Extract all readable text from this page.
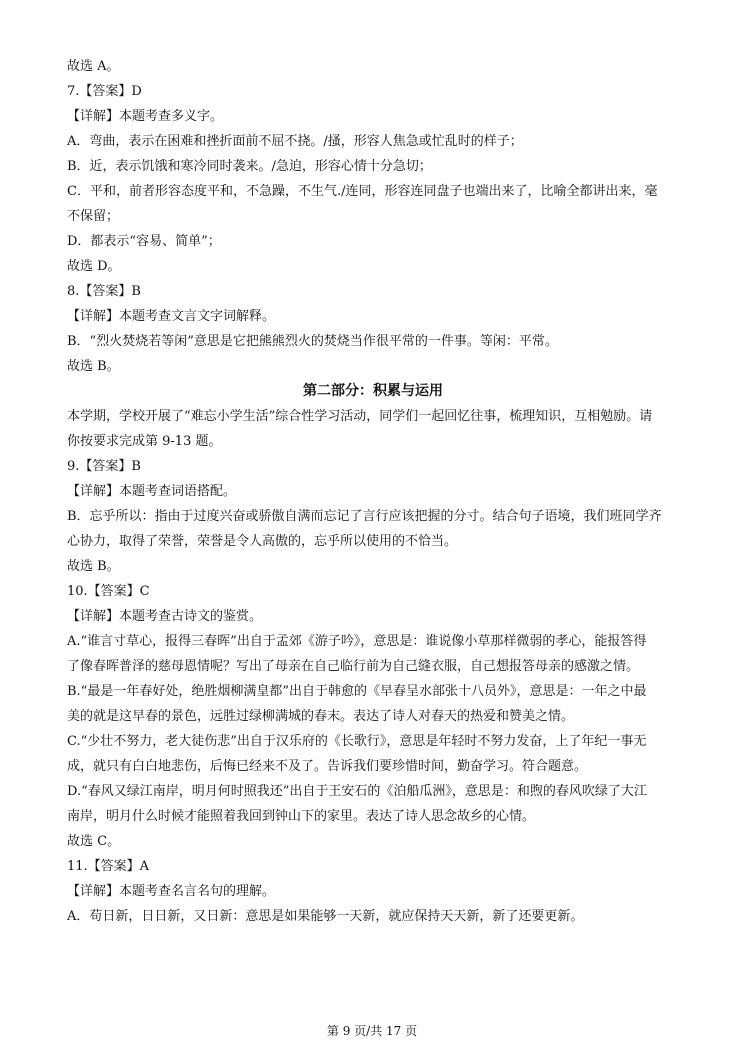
故选 A。
7.【答案】D
【详解】本题考查多义字。
A．弯曲，表示在困难和挫折面前不屈不挠。/搔，形容人焦急或忙乱时的样子；
B．近，表示饥饿和寒冷同时袭来。/急迫，形容心情十分急切；
C．平和，前者形容态度平和，不急躁，不生气./连同，形容连同盘子也端出来了，比喻全都讲出来，毫
不保留；
D．都表示“容易、简单”；
故选 D。
8.【答案】B
【详解】本题考查文言文字词解释。
B．“烈火焚烧若等闲”意思是它把熊熊烈火的焚烧当作很平常的一件事。等闲：平常。
故选 B。
第二部分：积累与运用
本学期，学校开展了“难忘小学生活”综合性学习活动，同学们一起回忆往事，梳理知识，互相勉励。请
你按要求完成第 9-13 题。
9.【答案】B
【详解】本题考查词语搭配。
B．忘乎所以：指由于过度兴奋或骄傲自满而忘记了言行应该把握的分寸。结合句子语境，我们班同学齐
心协力，取得了荣誉，荣誉是令人高傲的，忘乎所以使用的不恰当。
故选 B。
10.【答案】C
【详解】本题考查古诗文的鉴赏。
A.“谁言寸草心，报得三春晖”出自于孟郊《游子吟》，意思是：谁说像小草那样微弱的孝心，能报答得
了像春晖普泽的慈母恩情呢？写出了母亲在自己临行前为自己缝衣服，自己想报答母亲的感激之情。
B.“最是一年春好处，绝胜烟柳满皇都”出自于韩愈的《早春呈水部张十八员外》，意思是：一年之中最
美的就是这早春的景色，远胜过绿柳满城的春末。表达了诗人对春天的热爱和赞美之情。
C.“少壮不努力，老大徒伤悲”出自于汉乐府的《长歌行》，意思是年轻时不努力发奋，上了年纪一事无
成，就只有白白地悲伤，后悔已经来不及了。告诉我们要珍惜时间，勤奋学习。符合题意。
D.“春风又绿江南岸，明月何时照我还”出自于王安石的《泊船瓜洲》，意思是：和煦的春风吹绿了大江
南岸，明月什么时候才能照着我回到钟山下的家里。表达了诗人思念故乡的心情。
故选 C。
11.【答案】A
【详解】本题考查名言名句的理解。
A．苟日新，日日新，又日新：意思是如果能够一天新，就应保持天天新，新了还要更新。
第 9 页/共 17 页
